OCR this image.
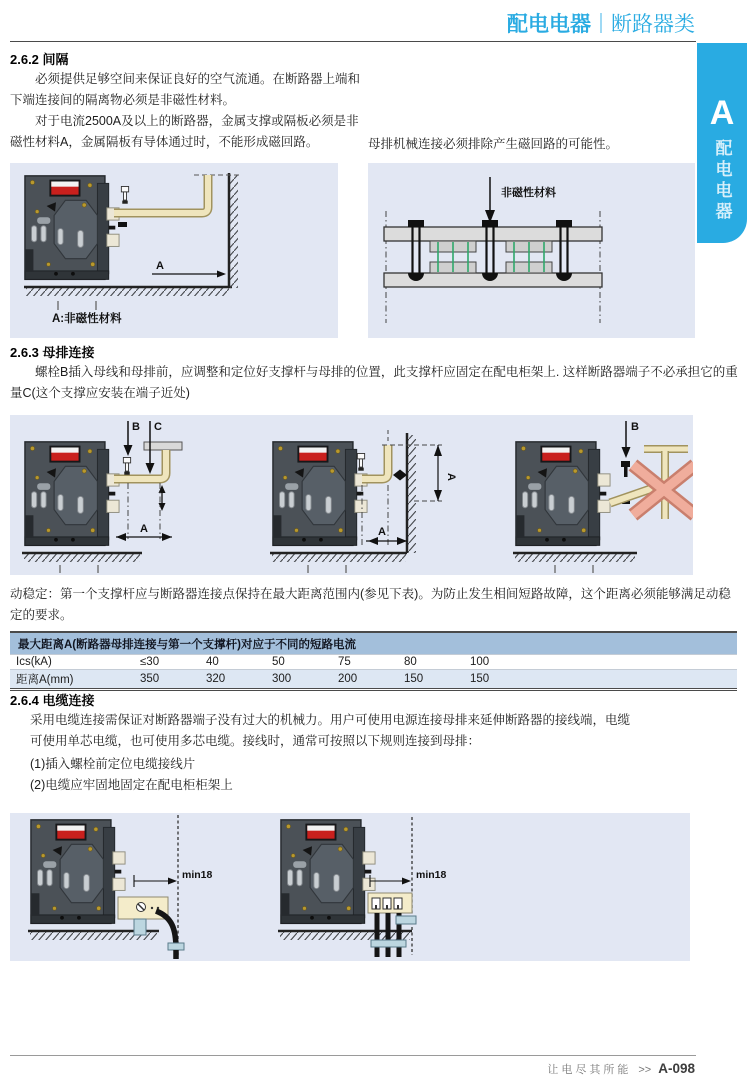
配电电器 断路器类
A
配电电器
2.6.2 间隔

必须提供足够空间来保证良好的空气流通。在断路器上端和下端连接间的隔离物必须是非磁性材料。

对于电流2500A及以上的断路器，金属支撑或隔板必须是非磁性材料A，金属隔板有导体通过时，不能形成磁回路。	母排机械连接必须排除产生磁回路的可能性。

A
A:非磁性材料
非磁性材料
2.6.3 母排连接

螺栓B插入母线和母排前，应调整和定位好支撑杆与母排的位置，此支撑杆应固定在配电柜架上. 这样断路器端子不必承担它的重量C(这个支撑应安装在端子近处)

B C
A	A
A
B

动稳定：第一个支撑杆应与断路器连接点保持在最大距离范围内(参见下表)。为防止发生相间短路故障，这个距离必须能够满足动稳定的要求。

最大距离A(断路器母排连接与第一个支撑杆)对应于不同的短路电流
Ics(kA)	≤30	40	50	75	80	100
距离A(mm)	350	320	300	200	150	150
2.6.4 电缆连接

采用电缆连接需保证对断路器端子没有过大的机械力。用户可使用电源连接母排来延伸断路器的接线端，电缆可使用单芯电缆，也可使用多芯电缆。接线时，通常可按照以下规则连接到母排：

(1)插入螺栓前定位电缆接线片

(2)电缆应牢固地固定在配电柜柜架上

min18	min18
让电尽其所能 >> A-098
